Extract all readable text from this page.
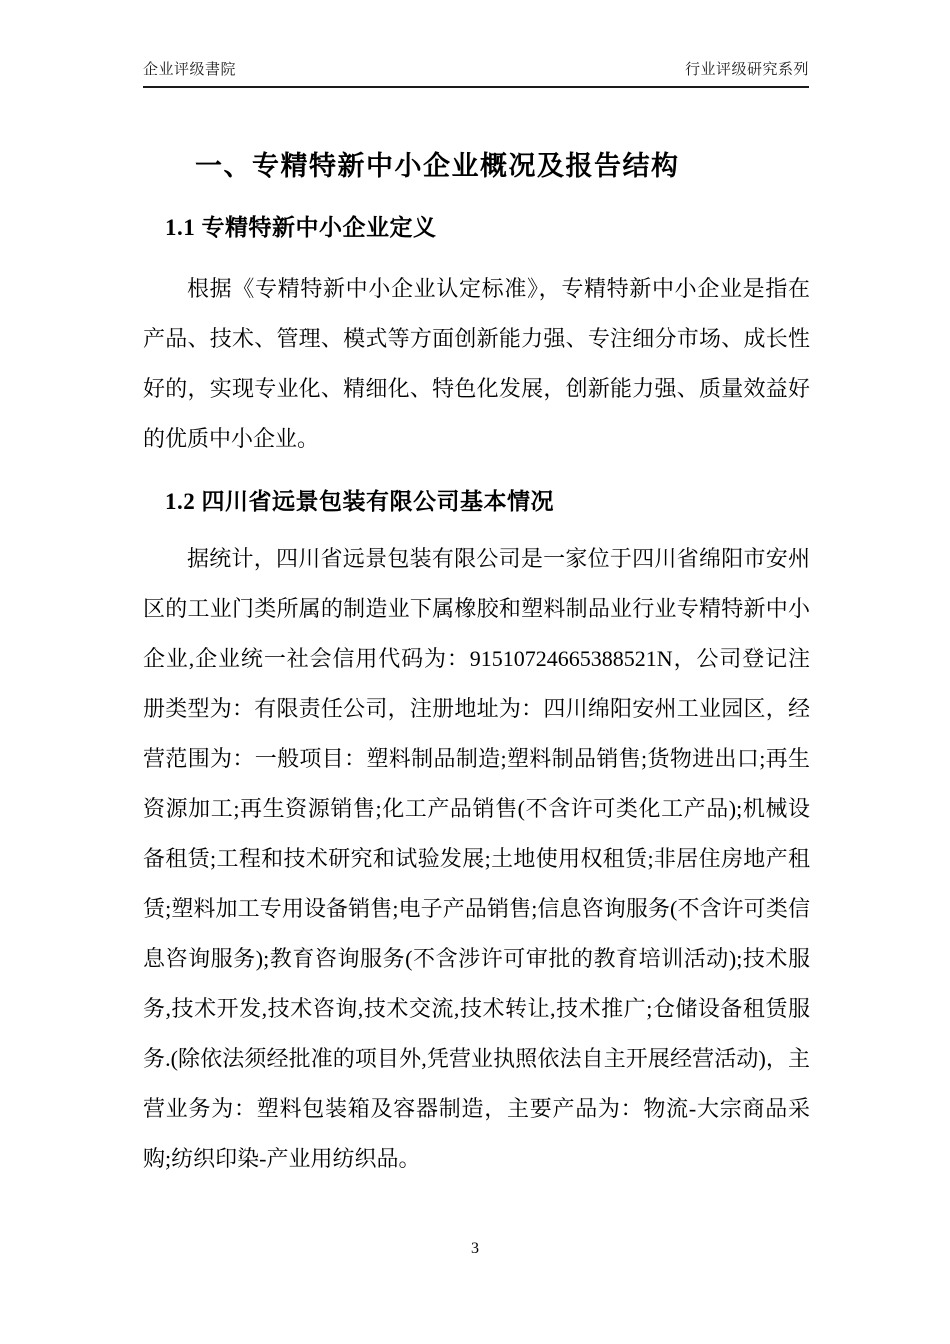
企业评级書院	行业评级研究系列
一、专精特新中小企业概况及报告结构
1.1 专精特新中小企业定义

根据《专精特新中小企业认定标准》，专精特新中小企业是指在产品、技术、管理、模式等方面创新能力强、专注细分市场、成长性好的，实现专业化、精细化、特色化发展，创新能力强、质量效益好的优质中小企业。

1.2 四川省远景包装有限公司基本情况

据统计，四川省远景包装有限公司是一家位于四川省绵阳市安州区的工业门类所属的制造业下属橡胶和塑料制品业行业专精特新中小企业,企业统一社会信用代码为：91510724665388521N，公司登记注册类型为：有限责任公司，注册地址为：四川绵阳安州工业园区，经营范围为：一般项目：塑料制品制造;塑料制品销售;货物进出口;再生资源加工;再生资源销售;化工产品销售(不含许可类化工产品);机械设备租赁;工程和技术研究和试验发展;土地使用权租赁;非居住房地产租赁;塑料加工专用设备销售;电子产品销售;信息咨询服务(不含许可类信息咨询服务);教育咨询服务(不含涉许可审批的教育培训活动);技术服务,技术开发,技术咨询,技术交流,技术转让,技术推广;仓储设备租赁服务.(除依法须经批准的项目外,凭营业执照依法自主开展经营活动)，主营业务为：塑料包装箱及容器制造，主要产品为：物流-大宗商品采购;纺织印染-产业用纺织品。

3
